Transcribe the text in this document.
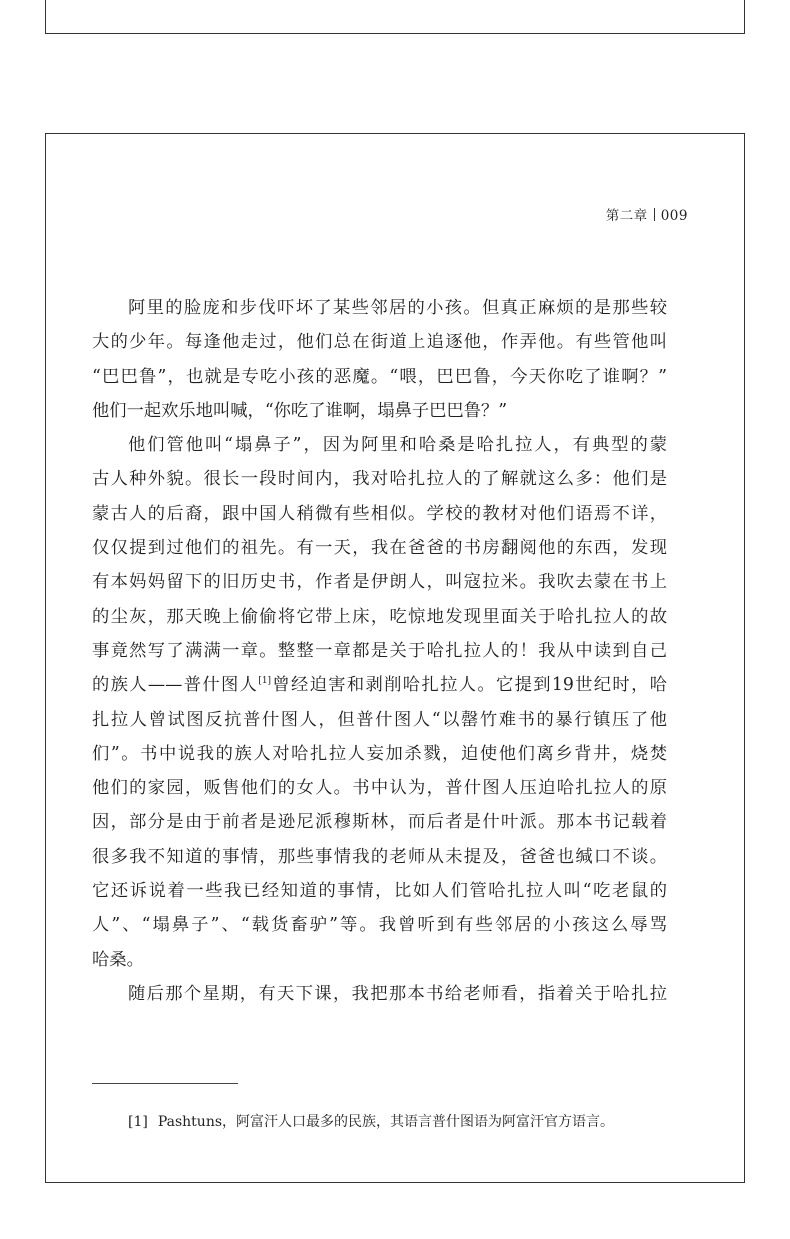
第二章 009

阿里的脸庞和步伐吓坏了某些邻居的小孩。但真正麻烦的是那些较
大的少年。每逢他走过，他们总在街道上追逐他，作弄他。有些管他叫
“巴巴鲁”，也就是专吃小孩的恶魔。“喂，巴巴鲁，今天你吃了谁啊？”
他们一起欢乐地叫喊，“你吃了谁啊，塌鼻子巴巴鲁？”

他们管他叫“塌鼻子”，因为阿里和哈桑是哈扎拉人，有典型的蒙
古人种外貌。很长一段时间内，我对哈扎拉人的了解就这么多：他们是
蒙古人的后裔，跟中国人稍微有些相似。学校的教材对他们语焉不详，
仅仅提到过他们的祖先。有一天，我在爸爸的书房翻阅他的东西，发现
有本妈妈留下的旧历史书，作者是伊朗人，叫寇拉米。我吹去蒙在书上
的尘灰，那天晚上偷偷将它带上床，吃惊地发现里面关于哈扎拉人的故
事竟然写了满满一章。整整一章都是关于哈扎拉人的！我从中读到自己
的族人——普什图人[1]曾经迫害和剥削哈扎拉人。它提到19世纪时，哈
扎拉人曾试图反抗普什图人，但普什图人“以罄竹难书的暴行镇压了他
们”。书中说我的族人对哈扎拉人妄加杀戮，迫使他们离乡背井，烧焚
他们的家园，贩售他们的女人。书中认为，普什图人压迫哈扎拉人的原
因，部分是由于前者是逊尼派穆斯林，而后者是什叶派。那本书记载着
很多我不知道的事情，那些事情我的老师从未提及，爸爸也缄口不谈。
它还诉说着一些我已经知道的事情，比如人们管哈扎拉人叫“吃老鼠的
人”、“塌鼻子”、“载货畜驴”等。我曾听到有些邻居的小孩这么辱骂
哈桑。

随后那个星期，有天下课，我把那本书给老师看，指着关于哈扎拉

[1] Pashtuns，阿富汗人口最多的民族，其语言普什图语为阿富汗官方语言。
